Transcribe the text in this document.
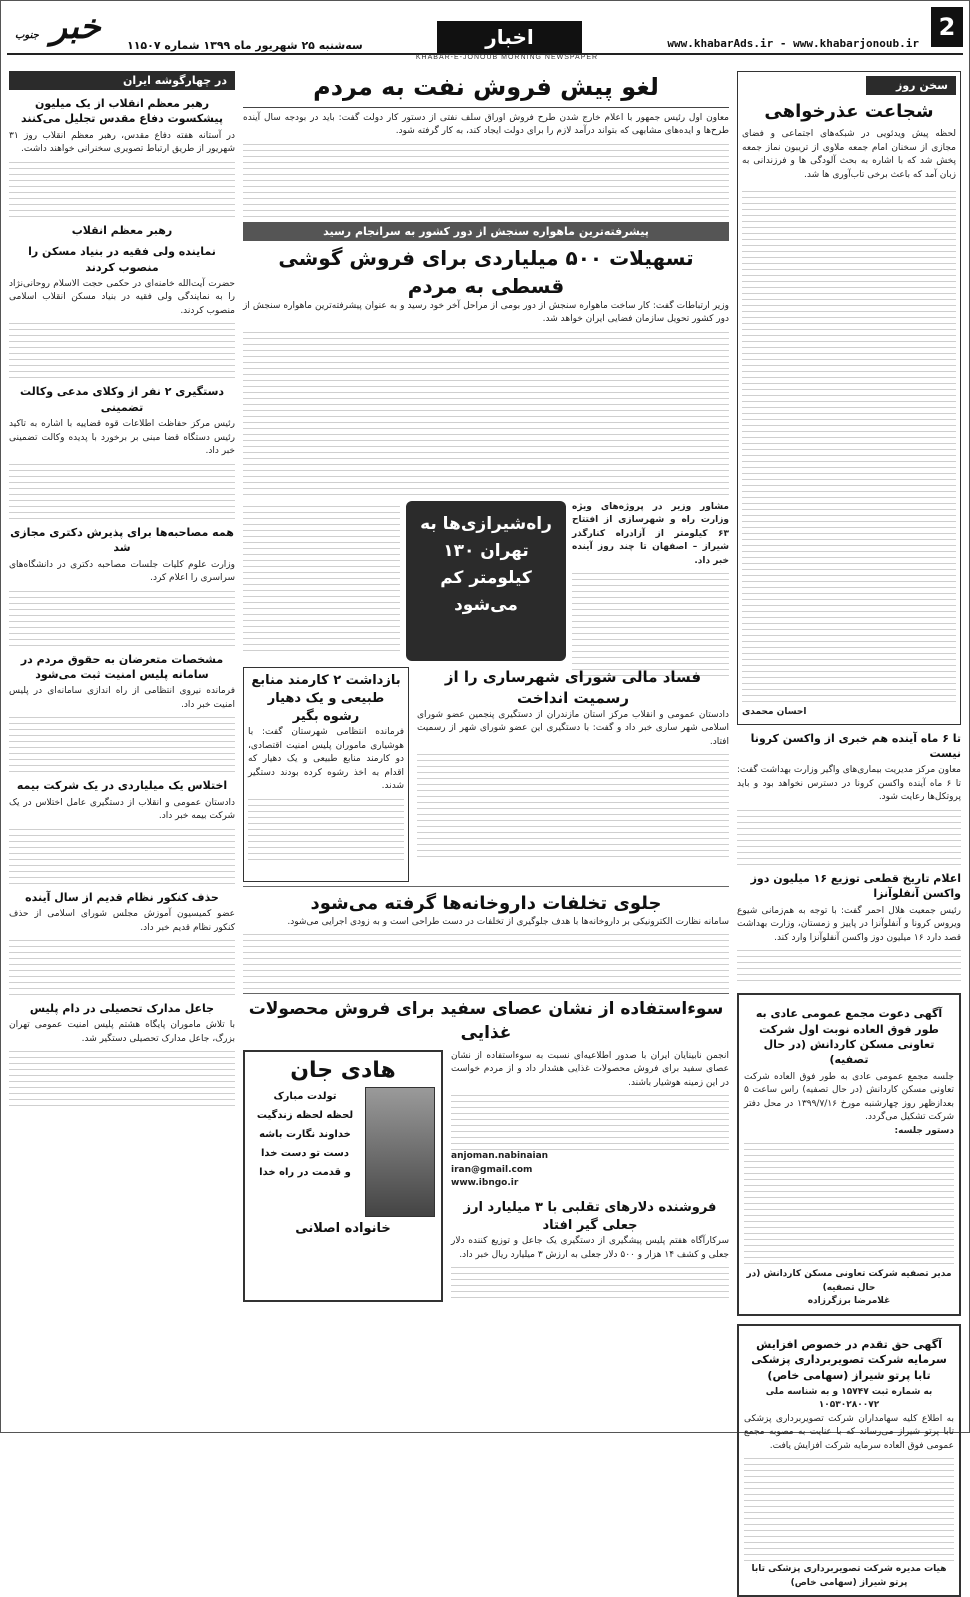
2
www.khabarAds.ir - www.khabarjonoub.ir
اخبار
KHABAR-E-JONOUB MORNING NEWSPAPER
سه‌شنبه ۲۵ شهریور ماه ۱۳۹۹ شماره ۱۱۵۰۷
خبر جنوب
سخن روز
شجاعت عذرخواهی
لحظه پیش ویدئویی در شبکه‌های اجتماعی و فضای مجازی از سخنان امام جمعه ملاوی از تریبون نماز جمعه پخش شد که با اشاره به بحث آلودگی ها و فرزندانی به زبان آمد که باعث برخی تاب‌آوری ها شد.
احسان محمدی
تا ۶ ماه آینده هم خبری از واکسن کرونا نیست
معاون مرکز مدیریت بیماری‌های واگیر وزارت بهداشت گفت: تا ۶ ماه آینده واکسن کرونا در دسترس نخواهد بود و باید پروتکل‌ها رعایت شود.
اعلام تاریخ قطعی توزیع ۱۶ میلیون دوز واکسن آنفلوآنزا
رئیس جمعیت هلال احمر گفت: با توجه به هم‌زمانی شیوع ویروس کرونا و آنفلوآنزا در پاییز و زمستان، وزارت بهداشت قصد دارد ۱۶ میلیون دوز واکسن آنفلوآنزا وارد کند.
آگهی دعوت مجمع عمومی عادی به طور فوق العاده نوبت اول شرکت تعاونی مسکن کاردانش (در حال تصفیه)
جلسه مجمع عمومی عادی به طور فوق العاده شرکت تعاونی مسکن کاردانش (در حال تصفیه) راس ساعت ۵ بعدازظهر روز چهارشنبه مورخ ۱۳۹۹/۷/۱۶ در محل دفتر شرکت تشکیل می‌گردد.
دستور جلسه:
مدیر تصفیه شرکت تعاونی مسکن کاردانش (در حال تصفیه)
غلامرضا برزگرزاده
آگهی حق تقدم در خصوص افزایش سرمایه شرکت تصویربرداری پزشکی تابا پرتو شیراز (سهامی خاص)
به شماره ثبت ۱۵۷۴۷ و به شناسه ملی ۱۰۵۳۰۲۸۰۰۷۲
به اطلاع کلیه سهامداران شرکت تصویربرداری پزشکی تابا پرتو شیراز می‌رساند که با عنایت به مصوبه مجمع عمومی فوق العاده سرمایه شرکت افزایش یافت.
هیات مدیره شرکت تصویربرداری پزشکی تابا پرتو شیراز (سهامی خاص)
در چهارگوشه ایران
رهبر معظم انقلاب از یک میلیون پیشکسوت دفاع مقدس تجلیل می‌کنند
در آستانه هفته دفاع مقدس، رهبر معظم انقلاب روز ۳۱ شهریور از طریق ارتباط تصویری سخنرانی خواهند داشت.
رهبر معظم انقلاب
نماینده ولی فقیه در بنیاد مسکن را منصوب کردند
حضرت آیت‌الله خامنه‌ای در حکمی حجت الاسلام روحانی‌نژاد را به نمایندگی ولی فقیه در بنیاد مسکن انقلاب اسلامی منصوب کردند.
دستگیری ۲ نفر از وکلای مدعی وکالت تضمینی
رئیس مرکز حفاظت اطلاعات قوه قضاییه با اشاره به تاکید رئیس دستگاه قضا مبنی بر برخورد با پدیده وکالت تضمینی خبر داد.
همه مصاحبه‌ها برای پذیرش دکتری مجازی شد
وزارت علوم کلیات جلسات مصاحبه دکتری در دانشگاه‌های سراسری را اعلام کرد.
مشخصات متعرضان به حقوق مردم در سامانه پلیس امنیت ثبت می‌شود
فرمانده نیروی انتظامی از راه اندازی سامانه‌ای در پلیس امنیت خبر داد.
اختلاس یک میلیاردی در یک شرکت بیمه
دادستان عمومی و انقلاب از دستگیری عامل اختلاس در یک شرکت بیمه خبر داد.
حذف کنکور نظام قدیم از سال آینده
عضو کمیسیون آموزش مجلس شورای اسلامی از حذف کنکور نظام قدیم خبر داد.
جاعل مدارک تحصیلی در دام پلیس
با تلاش ماموران پایگاه هشتم پلیس امنیت عمومی تهران بزرگ، جاعل مدارک تحصیلی دستگیر شد.
لغو پیش فروش نفت به مردم
معاون اول رئیس جمهور با اعلام خارج شدن طرح فروش اوراق سلف نفتی از دستور کار دولت گفت: باید در بودجه سال آینده طرح‌ها و ایده‌های مشابهی که بتواند درآمد لازم را برای دولت ایجاد کند، به کار گرفته شود.
پیشرفته‌ترین ماهواره سنجش از دور کشور به سرانجام رسید
تسهیلات ۵۰۰ میلیاردی برای فروش گوشی قسطی به مردم
وزیر ارتباطات گفت: کار ساخت ماهواره سنجش از دور بومی از مراحل آخر خود رسید و به عنوان پیشرفته‌ترین ماهواره سنجش از دور کشور تحویل سازمان فضایی ایران خواهد شد.
مشاور وزیر در پروژه‌های ویژه وزارت راه و شهرسازی از افتتاح ۶۳ کیلومتر از آزادراه کنارگذر شیراز – اصفهان تا چند روز آینده خبر داد.
راه‌شیراز‌ی‌ها به تهران ۱۳۰ کیلومتر کم می‌شود
فساد مالی شورای شهرساری را از رسمیت انداخت
دادستان عمومی و انقلاب مرکز استان مازندران از دستگیری پنجمین عضو شورای اسلامی شهر ساری خبر داد و گفت: با دستگیری این عضو شورای شهر از رسمیت افتاد.
بازداشت ۲ کارمند منابع طبیعی و یک دهیار رشوه بگیر
فرمانده انتظامی شهرستان گفت: با هوشیاری ماموران پلیس امنیت اقتصادی، دو کارمند منابع طبیعی و یک دهیار که اقدام به اخذ رشوه کرده بودند دستگیر شدند.
جلوی تخلفات داروخانه‌ها گرفته می‌شود
سامانه نظارت الکترونیکی بر داروخانه‌ها با هدف جلوگیری از تخلفات در دست طراحی است و به زودی اجرایی می‌شود.
سوءاستفاده از نشان عصای سفید برای فروش محصولات غذایی
انجمن نابینایان ایران با صدور اطلاعیه‌ای نسبت به سوءاستفاده از نشان عصای سفید برای فروش محصولات غذایی هشدار داد و از مردم خواست در این زمینه هوشیار باشند.
anjoman.nabinaian
iran@gmail.com
www.ibngo.ir
فروشنده دلارهای تقلبی با ۳ میلیارد ارز جعلی گیر افتاد
سرکارآگاه هفتم پلیس پیشگیری از دستگیری یک جاعل و توزیع کننده دلار جعلی و کشف ۱۴ هزار و ۵۰۰ دلار جعلی به ارزش ۳ میلیارد ریال خبر داد.
هادی جان
تولدت مبارک
لحظه لحظه زندگیت
خداوند نگارت باشه
دست تو دست خدا
و قدمت در راه خدا
خانواده اصلانی
